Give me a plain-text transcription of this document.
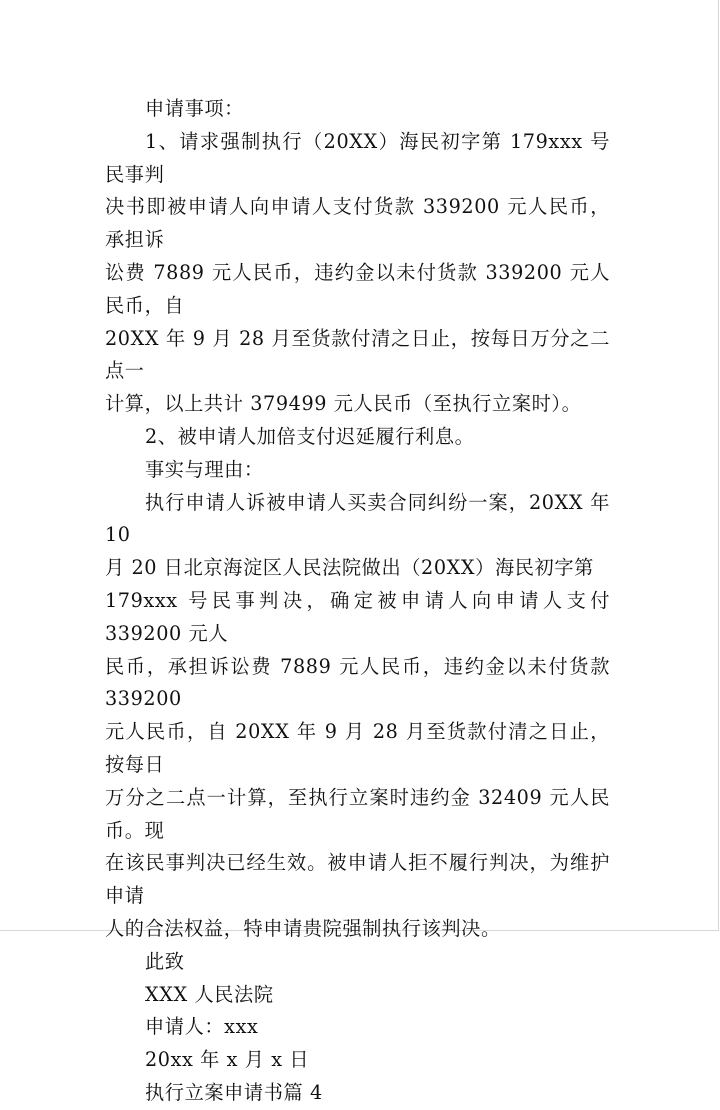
申请事项：

1、请求强制执行（20XX）海民初字第 179xxx 号民事判
决书即被申请人向申请人支付货款 339200 元人民币，承担诉
讼费 7889 元人民币，违约金以未付货款 339200 元人民币，自
20XX 年 9 月 28 月至货款付清之日止，按每日万分之二点一
计算，以上共计 379499 元人民币（至执行立案时）。

2、被申请人加倍支付迟延履行利息。

事实与理由：

执行申请人诉被申请人买卖合同纠纷一案，20XX 年 10
月 20 日北京海淀区人民法院做出（20XX）海民初字第
179xxx 号民事判决，确定被申请人向申请人支付 339200 元人
民币，承担诉讼费 7889 元人民币，违约金以未付货款 339200
元人民币，自 20XX 年 9 月 28 月至货款付清之日止，按每日
万分之二点一计算，至执行立案时违约金 32409 元人民币。现
在该民事判决已经生效。被申请人拒不履行判决，为维护申请
人的合法权益，特申请贵院强制执行该判决。

此致

XXX 人民法院

申请人：xxx

20xx 年 x 月 x 日

执行立案申请书篇 4
